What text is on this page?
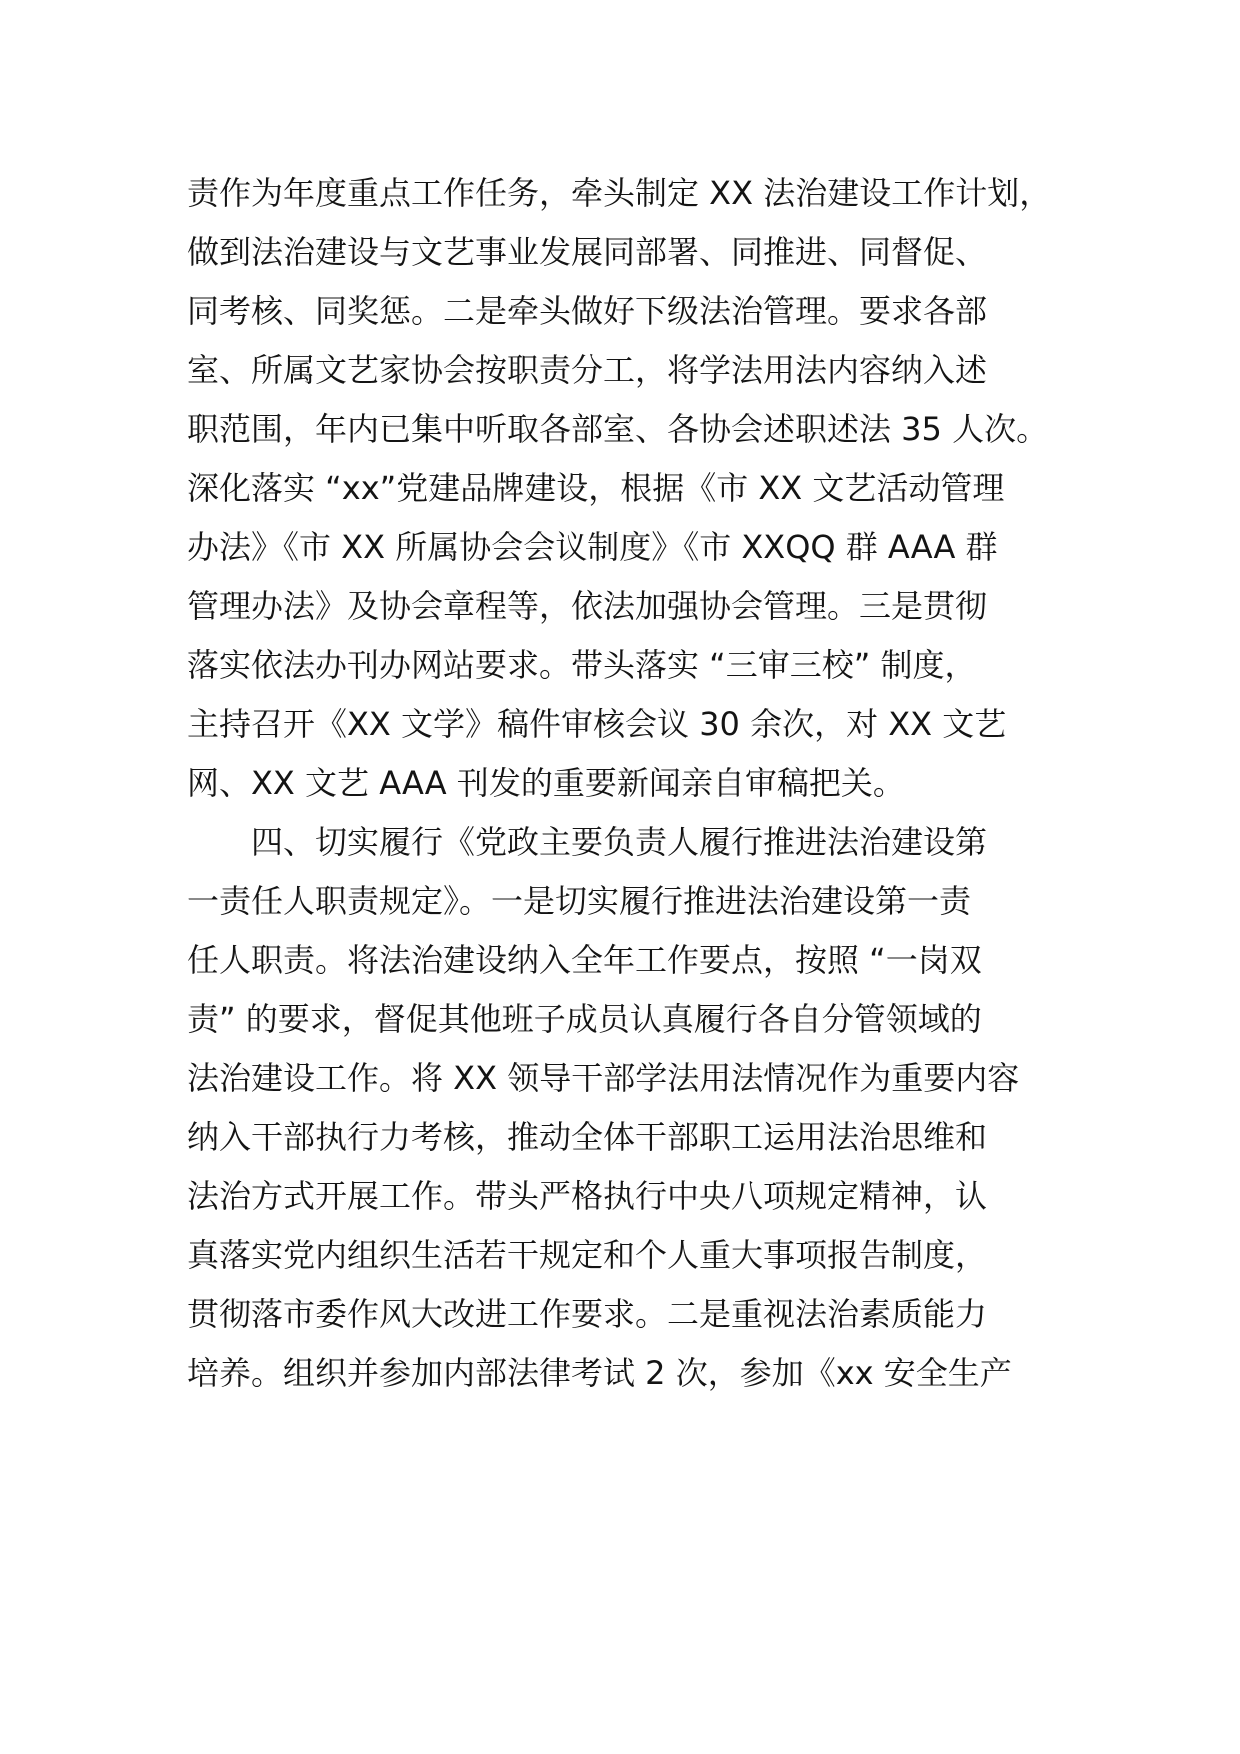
责作为年度重点工作任务，牵头制定 XX 法治建设工作计划，
做到法治建设与文艺事业发展同部署、同推进、同督促、
同考核、同奖惩。二是牵头做好下级法治管理。要求各部
室、所属文艺家协会按职责分工，将学法用法内容纳入述
职范围，年内已集中听取各部室、各协会述职述法 35 人次。
深化落实 “xx”党建品牌建设，根据《市 XX 文艺活动管理
办法》《市 XX 所属协会会议制度》《市 XXQQ 群 AAA 群
管理办法》及协会章程等，依法加强协会管理。三是贯彻
落实依法办刊办网站要求。带头落实 “三审三校” 制度，
主持召开《XX 文学》稿件审核会议 30 余次，对 XX 文艺
网、XX 文艺 AAA 刊发的重要新闻亲自审稿把关。
四、切实履行《党政主要负责人履行推进法治建设第
一责任人职责规定》。一是切实履行推进法治建设第一责
任人职责。将法治建设纳入全年工作要点，按照 “一岗双
责” 的要求，督促其他班子成员认真履行各自分管领域的
法治建设工作。将 XX 领导干部学法用法情况作为重要内容
纳入干部执行力考核，推动全体干部职工运用法治思维和
法治方式开展工作。带头严格执行中央八项规定精神，认
真落实党内组织生活若干规定和个人重大事项报告制度，
贯彻落市委作风大改进工作要求。二是重视法治素质能力
培养。组织并参加内部法律考试 2 次，参加《xx 安全生产
